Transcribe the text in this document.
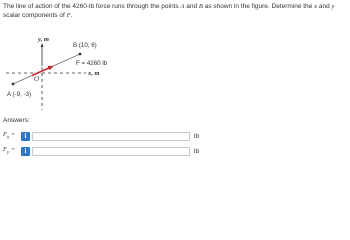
The line of action of the 4260-lb force runs through the points A and B as shown in the figure. Determine the x and y scalar components of F.

y, m
x, m
O
A (-9, -3)
B (10, 6)
F = 4260 lb
Answers:
$F_x$ =	i	lb
$F_y$ =	i	lb
